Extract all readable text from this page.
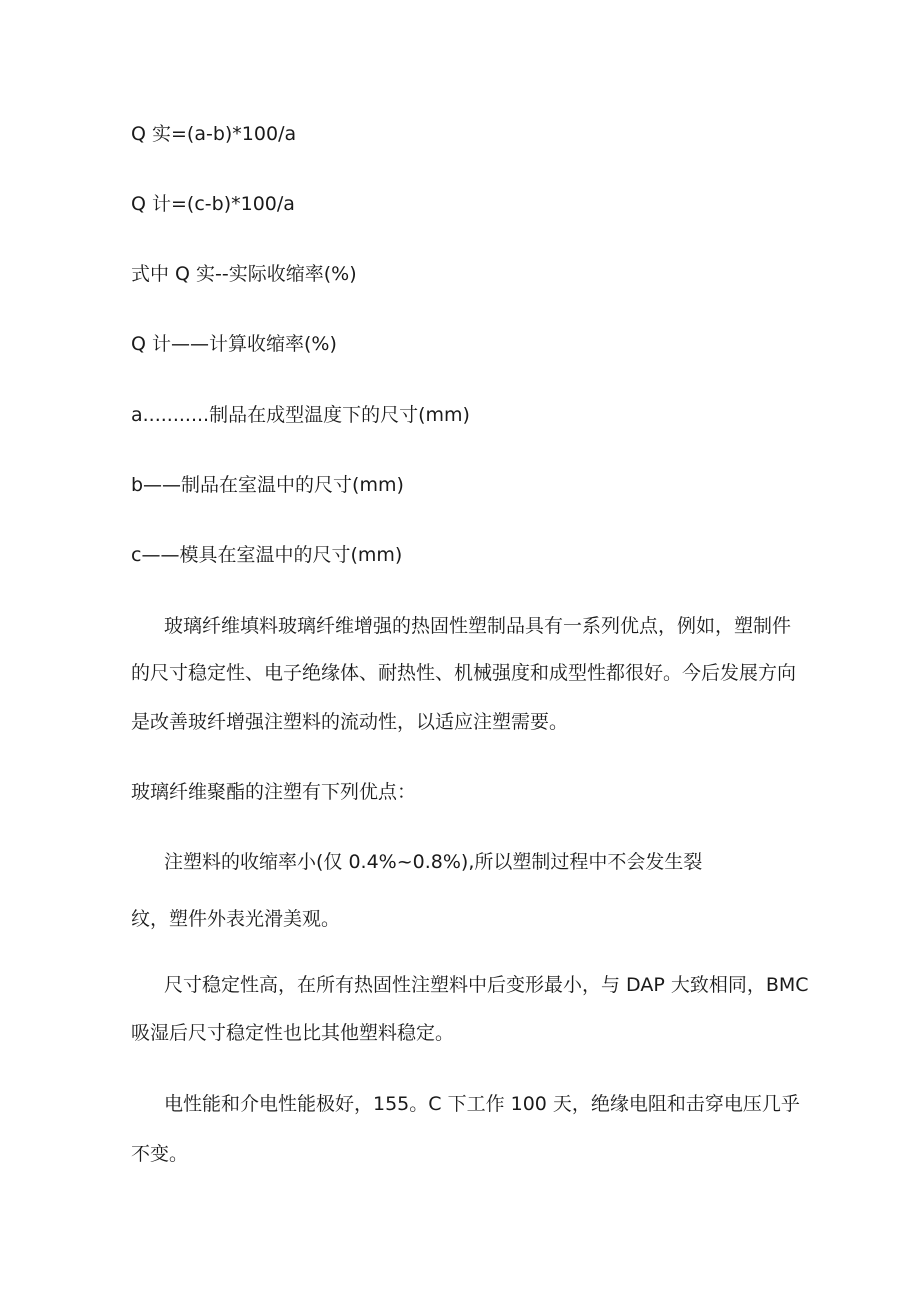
Q 实=(a-b)*100∕a
Q 计=(c-b)*100∕a
式中 Q 实--实际收缩率(%)
Q 计——计算收缩率(%)
a...........制品在成型温度下的尺寸(mm)
b——制品在室温中的尺寸(mm)
c——模具在室温中的尺寸(mm)
玻璃纤维填料玻璃纤维增强的热固性塑制品具有一系列优点，例如，塑制件
的尺寸稳定性、电子绝缘体、耐热性、机械强度和成型性都很好。今后发展方向
是改善玻纤增强注塑料的流动性，以适应注塑需要。
玻璃纤维聚酯的注塑有下列优点：
注塑料的收缩率小(仅 0.4%~0.8%),所以塑制过程中不会发生裂
纹，塑件外表光滑美观。
尺寸稳定性高，在所有热固性注塑料中后变形最小，与 DAP 大致相同，BMC
吸湿后尺寸稳定性也比其他塑料稳定。
电性能和介电性能极好，155。C 下工作 100 天，绝缘电阻和击穿电压几乎
不变。
